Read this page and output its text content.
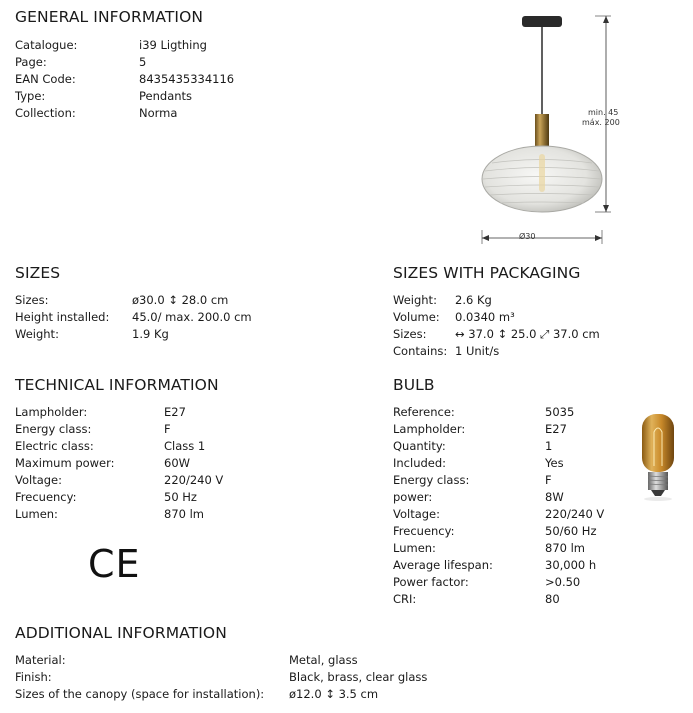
GENERAL INFORMATION
Catalogue:	i39 Ligthing
Page:	5
EAN Code:	8435435334116
Type:	Pendants
Collection:	Norma	min. 45
máx. 200
Ø30
SIZES
Sizes:	ø30.0 ↕ 28.0 cm
Height installed: 45.0/ max. 200.0 cm
Weight:	1.9 Kg
SIZES WITH PACKAGING
Weight: 2.6 Kg
Volume: 0.0340 m³
Sizes: ↔ 37.0 ↕ 25.0 ⤢ 37.0 cm
Contains: 1 Unit/s
TECHNICAL INFORMATION
Lampholder:	E27
Energy class:	F
Electric class:	Class 1
Maximum power:	60W
Voltage:	220/240 V
Frecuency:	50 Hz
Lumen:	870 lm
CE
BULB
Reference:	5035
Lampholder:	E27
Quantity:	1
Included:	Yes
Energy class:	F
power:	8W
Voltage:	220/240 V
Frecuency:	50/60 Hz
Lumen:	870 lm
Average lifespan:	30,000 h
Power factor:	>0.50
CRI:	80
ADDITIONAL INFORMATION
Material:	Metal, glass
Finish:	Black, brass, clear glass
Sizes of the canopy (space for installation): ø12.0 ↕ 3.5 cm
